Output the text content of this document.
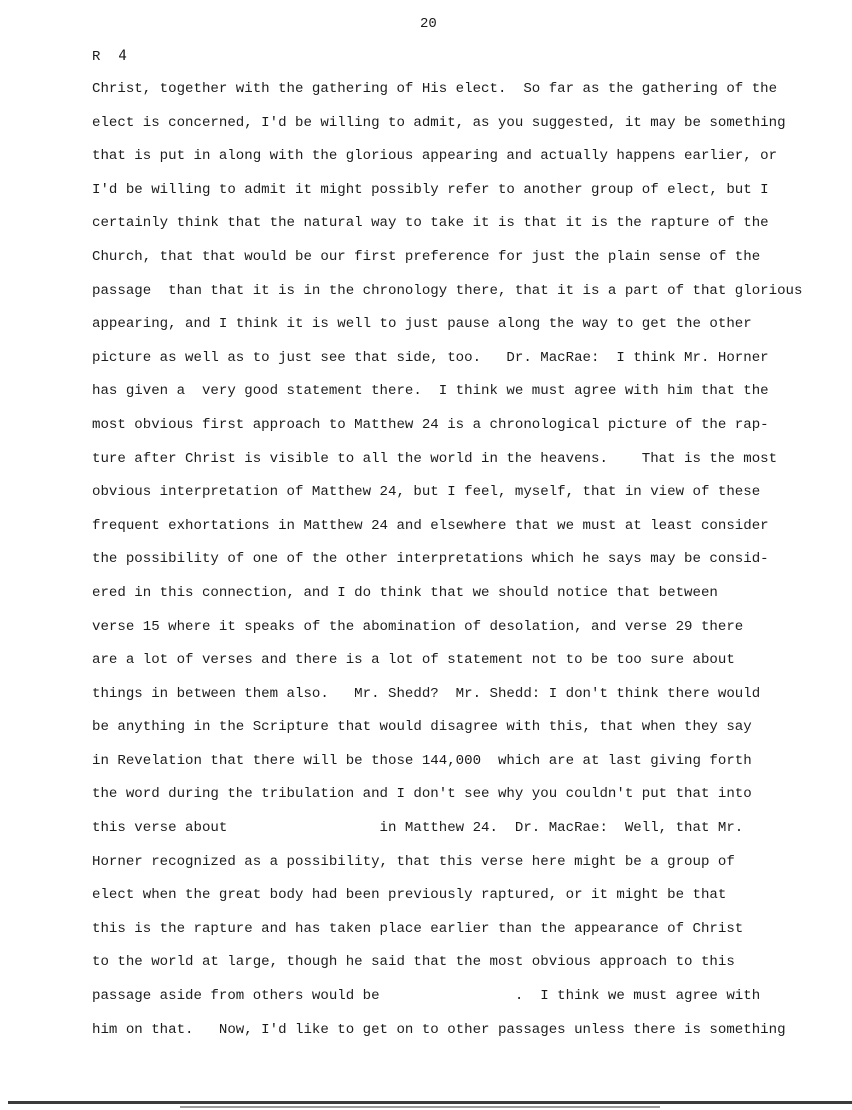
20
R 4
Christ, together with the gathering of His elect.  So far as the gathering of the
elect is concerned, I'd be willing to admit, as you suggested, it may be something
that is put in along with the glorious appearing and actually happens earlier, or
I'd be willing to admit it might possibly refer to another group of elect, but I
certainly think that the natural way to take it is that it is the rapture of the
Church, that that would be our first preference for just the plain sense of the
passage  than that it is in the chronology there, that it is a part of that glorious
appearing, and I think it is well to just pause along the way to get the other
picture as well as to just see that side, too.   Dr. MacRae:  I think Mr. Horner
has given a  very good statement there.  I think we must agree with him that the
most obvious first approach to Matthew 24 is a chronological picture of the rap-
ture after Christ is visible to all the world in the heavens.    That is the most
obvious interpretation of Matthew 24, but I feel, myself, that in view of these
frequent exhortations in Matthew 24 and elsewhere that we must at least consider
the possibility of one of the other interpretations which he says may be consid-
ered in this connection, and I do think that we should notice that between
verse 15 where it speaks of the abomination of desolation, and verse 29 there
are a lot of verses and there is a lot of statement not to be too sure about
things in between them also.   Mr. Shedd?  Mr. Shedd: I don't think there would
be anything in the Scripture that would disagree with this, that when they say
in Revelation that there will be those 144,000  which are at last giving forth
the word during the tribulation and I don't see why you couldn't put that into
this verse about                  in Matthew 24.  Dr. MacRae:  Well, that Mr.
Horner recognized as a possibility, that this verse here might be a group of
elect when the great body had been previously raptured, or it might be that
this is the rapture and has taken place earlier than the appearance of Christ
to the world at large, though he said that the most obvious approach to this
passage aside from others would be                .  I think we must agree with
him on that.   Now, I'd like to get on to other passages unless there is something
